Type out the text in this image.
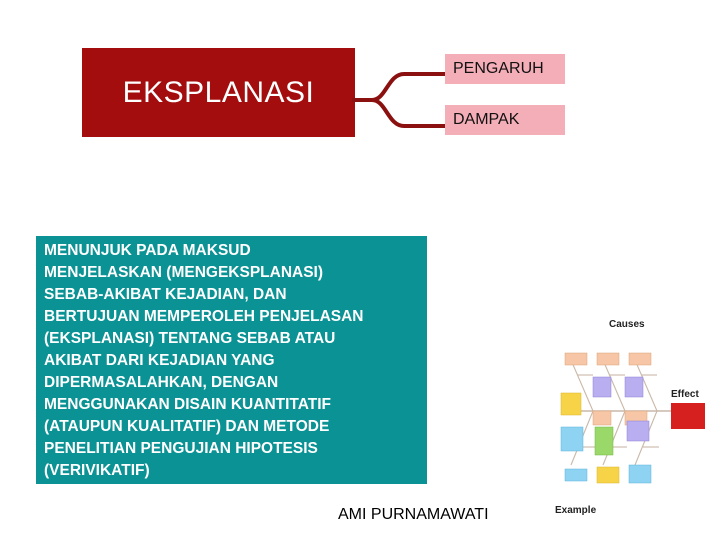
EKSPLANASI
PENGARUH
DAMPAK

MENUNJUK PADA MAKSUD
MENJELASKAN (MENGEKSPLANASI)
SEBAB-AKIBAT KEJADIAN, DAN
BERTUJUAN MEMPEROLEH PENJELASAN
(EKSPLANASI) TENTANG SEBAB ATAU
AKIBAT DARI KEJADIAN YANG
DIPERMASALAHKAN, DENGAN
MENGGUNAKAN DISAIN KUANTITATIF
(ATAUPUN KUALITATIF) DAN METODE
PENELITIAN PENGUJIAN HIPOTESIS
(VERIVIKATIF)

AMI PURNAMAWATI
Causes
Effect
Example
